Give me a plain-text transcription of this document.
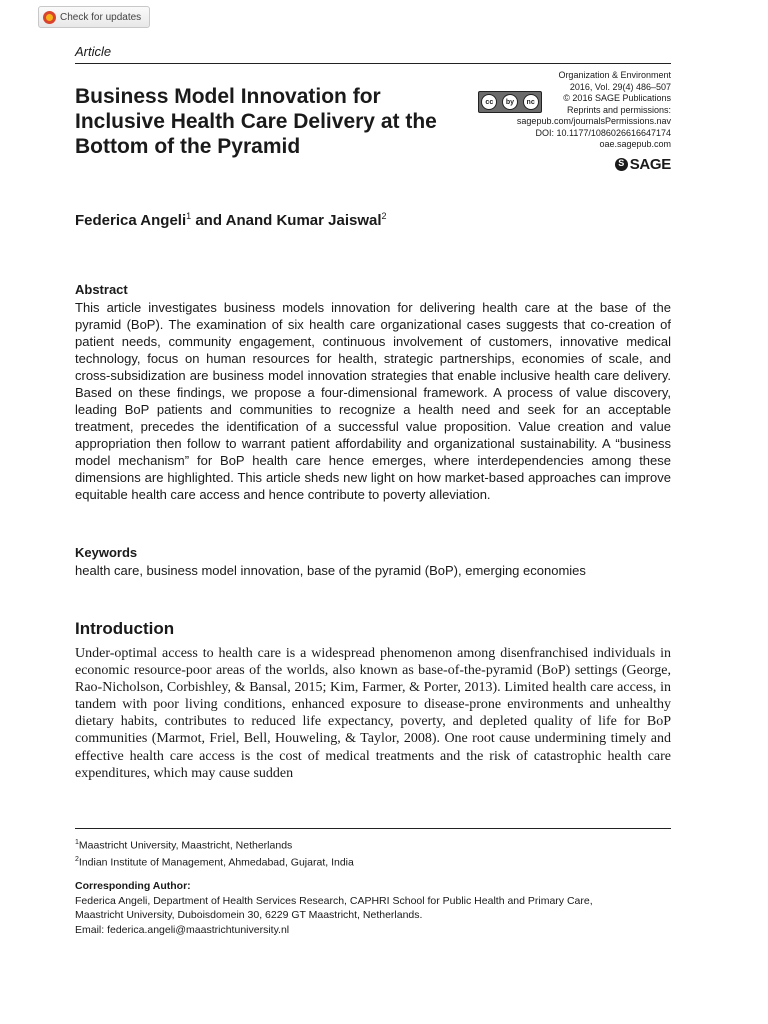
Check for updates
Article
Business Model Innovation for Inclusive Health Care Delivery at the Bottom of the Pyramid
cc	by	nc
Organization & Environment
2016, Vol. 29(4) 486–507
© 2016 SAGE Publications
Reprints and permissions:
sagepub.com/journalsPermissions.nav
DOI: 10.1177/1086026616647174
oae.sagepub.com
S
SAGE
Federica Angeli$^1$ and Anand Kumar Jaiswal$^2$
Abstract

This article investigates business models innovation for delivering health care at the base of the pyramid (BoP). The examination of six health care organizational cases suggests that co-creation of patient needs, community engagement, continuous involvement of customers, innovative medical technology, focus on human resources for health, strategic partnerships, economies of scale, and cross-subsidization are business model innovation strategies that enable inclusive health care delivery. Based on these findings, we propose a four-dimensional framework. A process of value discovery, leading BoP patients and communities to recognize a health need and seek for an acceptable treatment, precedes the identification of a successful value proposition. Value creation and value appropriation then follow to warrant patient affordability and organizational sustainability. A “business model mechanism” for BoP health care hence emerges, where interdependencies among these dimensions are highlighted. This article sheds new light on how market-based approaches can improve equitable health care access and hence contribute to poverty alleviation.

Keywords
health care, business model innovation, base of the pyramid (BoP), emerging economies
Introduction

Under-optimal access to health care is a widespread phenomenon among disenfranchised individuals in economic resource-poor areas of the worlds, also known as base-of-the-pyramid (BoP) settings (George, Rao-Nicholson, Corbishley, & Bansal, 2015; Kim, Farmer, & Porter, 2013). Limited health care access, in tandem with poor living conditions, enhanced exposure to disease-prone environments and unhealthy dietary habits, contributes to reduced life expectancy, poverty, and depleted quality of life for BoP communities (Marmot, Friel, Bell, Houweling, & Taylor, 2008). One root cause undermining timely and effective health care access is the cost of medical treatments and the risk of catastrophic health care expenditures, which may cause sudden

$^1$Maastricht University, Maastricht, Netherlands
$^2$Indian Institute of Management, Ahmedabad, Gujarat, India
Corresponding Author:
Federica Angeli, Department of Health Services Research, CAPHRI School for Public Health and Primary Care,
Maastricht University, Duboisdomein 30, 6229 GT Maastricht, Netherlands.
Email: federica.angeli@maastrichtuniversity.nl
